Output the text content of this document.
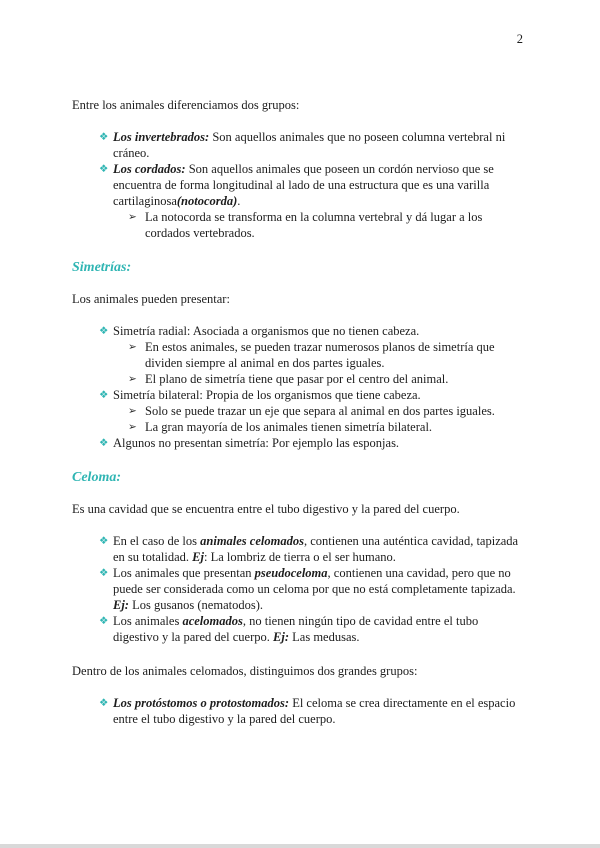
2

Entre los animales diferenciamos dos grupos:

❖ Los invertebrados: Son aquellos animales que no poseen columna vertebral ni cráneo.
❖ Los cordados: Son aquellos animales que poseen un cordón nervioso que se encuentra de forma longitudinal al lado de una estructura que es una varilla cartilaginosa(notocorda).
➢ La notocorda se transforma en la columna vertebral y dá lugar a los cordados vertebrados.
Simetrías:

Los animales pueden presentar:

❖ Simetría radial: Asociada a organismos que no tienen cabeza.
➢ En estos animales, se pueden trazar numerosos planos de simetría que dividen siempre al animal en dos partes iguales.
➢ El plano de simetría tiene que pasar por el centro del animal.
❖ Simetría bilateral: Propia de los organismos que tiene cabeza.
➢ Solo se puede trazar un eje que separa al animal en dos partes iguales.
➢ La gran mayoría de los animales tienen simetría bilateral.
❖ Algunos no presentan simetría: Por ejemplo las esponjas.
Celoma:

Es una cavidad que se encuentra entre el tubo digestivo y la pared del cuerpo.

❖ En el caso de los animales celomados, contienen una auténtica cavidad, tapizada en su totalidad. Ej: La lombriz de tierra o el ser humano.
❖ Los animales que presentan pseudoceloma, contienen una cavidad, pero que no puede ser considerada como un celoma por que no está completamente tapizada. Ej: Los gusanos (nematodos).
❖ Los animales acelomados, no tienen ningún tipo de cavidad entre el tubo digestivo y la pared del cuerpo. Ej: Las medusas.

Dentro de los animales celomados, distinguimos dos grandes grupos:

❖ Los protóstomos o protostomados: El celoma se crea directamente en el espacio entre el tubo digestivo y la pared del cuerpo.
